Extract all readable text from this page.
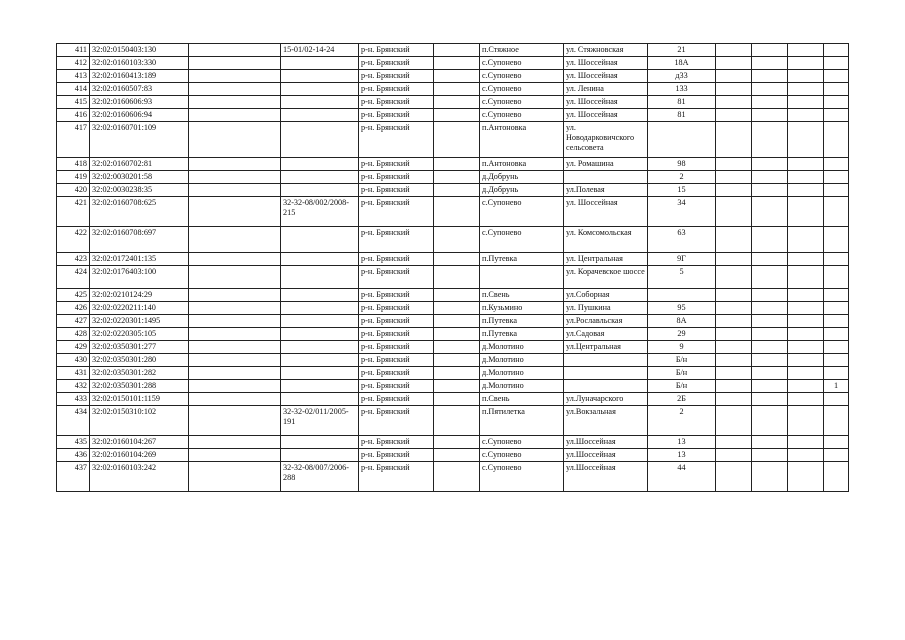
411	32:02:0150403:130		15-01/02-14-24	р-н. Брянский		п.Стяжное	ул. Стяжновская	21				
412	32:02:0160103:330			р-н. Брянский		с.Супонево	ул. Шоссейная	18А				
413	32:02:0160413:189			р-н. Брянский		с.Супонево	ул. Шоссейная	д33				
414	32:02:0160507:83			р-н. Брянский		с.Супонево	ул. Ленина	133				
415	32:02:0160606:93			р-н. Брянский		с.Супонево	ул. Шоссейная	81				
416	32:02:0160606:94			р-н. Брянский		с.Супонево	ул. Шоссейная	81				
417	32:02:0160701:109			р-н. Брянский		п.Антоновка	ул. Новодарковичского сельсовета					
418	32:02:0160702:81			р-н. Брянский		п.Антоновка	ул. Ромашина	98				
419	32:02:0030201:58			р-н. Брянский		д.Добрунь		2				
420	32:02:0030238:35			р-н. Брянский		д.Добрунь	ул.Полевая	15				
421	32:02:0160708:625		32-32-08/002/2008-215	р-н. Брянский		с.Супонево	ул. Шоссейная	34				
422	32:02:0160708:697			р-н. Брянский		с.Супонево	ул. Комсомольская	63				
423	32:02:0172401:135			р-н. Брянский		п.Путевка	ул. Центральная	9Г				
424	32:02:0176403:100			р-н. Брянский			ул. Корачевское шоссе	5				
425	32:02:0210124:29			р-н. Брянский		п.Свень	ул.Соборная					
426	32:02:0220211:140			р-н. Брянский		п.Кузьмино	ул. Пушкина	95				
427	32:02:0220301:1495			р-н. Брянский		п.Путевка	ул.Рославльская	8А				
428	32:02:0220305:105			р-н. Брянский		п.Путевка	ул.Садовая	29				
429	32:02:0350301:277			р-н. Брянский		д.Молотино	ул.Центральная	9				
430	32:02:0350301:280			р-н. Брянский		д.Молотино		Б/н				
431	32:02:0350301:282			р-н. Брянский		д.Молотино		Б/н				
432	32:02:0350301:288			р-н. Брянский		д.Молотино		Б/н				1
433	32:02:0150101:1159			р-н. Брянский		п.Свень	ул.Луначарского	2Б				
434	32:02:0150310:102		32-32-02/011/2005-191	р-н. Брянский		п.Пятилетка	ул.Вокзальная	2				
435	32:02:0160104:267			р-н. Брянский		с.Супонево	ул.Шоссейная	13				
436	32:02:0160104:269			р-н. Брянский		с.Супонево	ул.Шоссейная	13				
437	32:02:0160103:242		32-32-08/007/2006-288	р-н. Брянский		с.Супонево	ул.Шоссейная	44				
